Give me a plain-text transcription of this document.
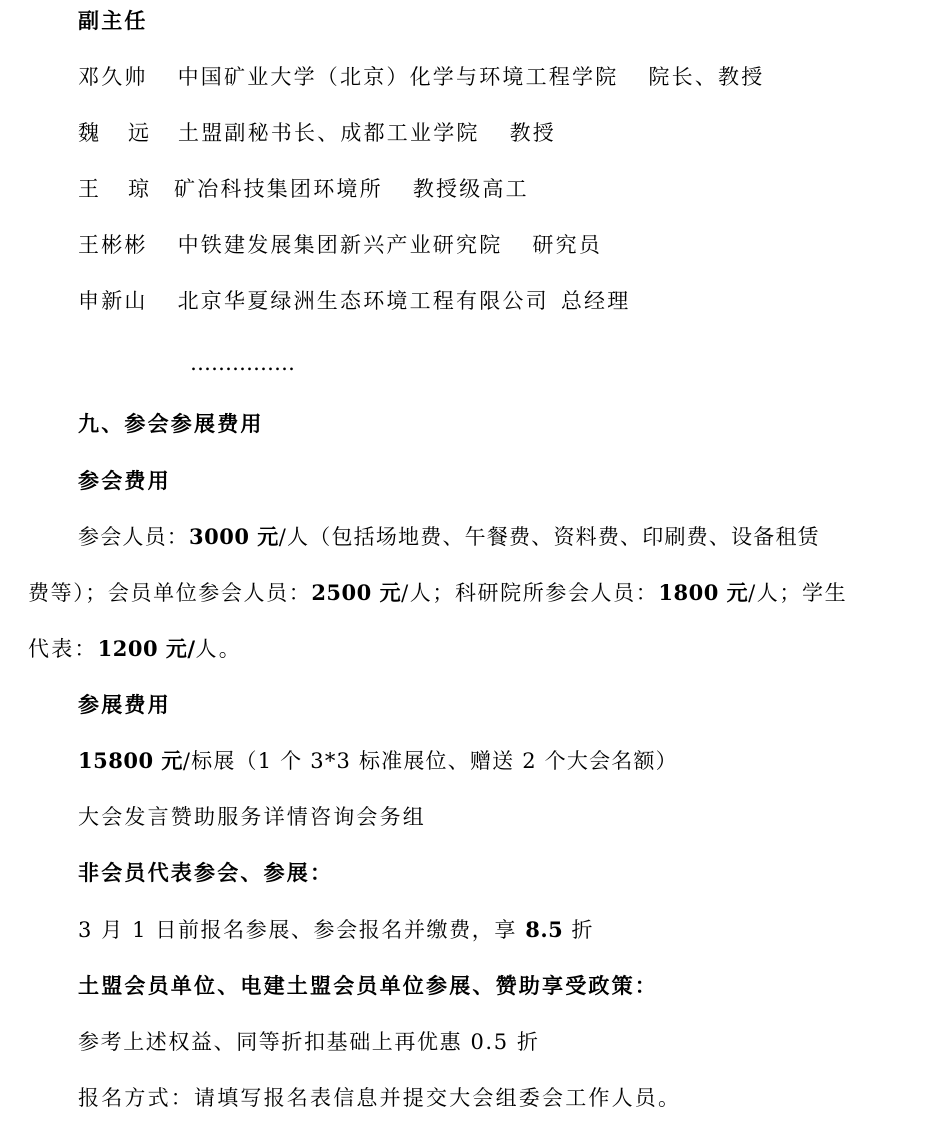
副主任
邓久帅 中国矿业大学（北京）化学与环境工程学院 院长、教授
魏 远 土盟副秘书长、成都工业学院 教授
王 琼 矿冶科技集团环境所 教授级高工
王彬彬 中铁建发展集团新兴产业研究院 研究员
申新山 北京华夏绿洲生态环境工程有限公司 总经理
……………
九、参会参展费用
参会费用
参会人员：3000 元/人（包括场地费、午餐费、资料费、印刷费、设备租赁
费等）；会员单位参会人员：2500 元/人；科研院所参会人员：1800 元/人；学生
代表：1200 元/人。
参展费用
15800 元/标展（1 个 3*3 标准展位、赠送 2 个大会名额）
大会发言赞助服务详情咨询会务组
非会员代表参会、参展：
3 月 1 日前报名参展、参会报名并缴费，享 8.5 折
土盟会员单位、电建土盟会员单位参展、赞助享受政策：
参考上述权益、同等折扣基础上再优惠 0.5 折
报名方式：请填写报名表信息并提交大会组委会工作人员。
